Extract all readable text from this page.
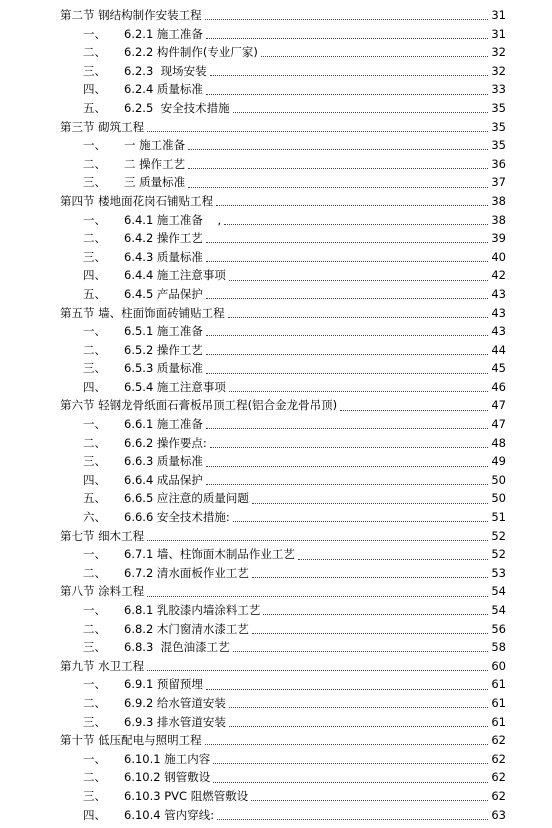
第二节 钢结构制作安装工程	31
一、 6.2.1 施工准备	31
二、 6.2.2 构件制作(专业厂家)	32
三、 6.2.3  现场安装	32
四、 6.2.4 质量标准	33
五、 6.2.5  安全技术措施	35
第三节 砌筑工程	35
一、 一 施工准备	35
二、 二 操作工艺	36
三、 三 质量标准	37
第四节 楼地面花岗石铺贴工程	38
一、 6.4.1 施工准备    ,	38
二、 6.4.2 操作工艺	39
三、 6.4.3 质量标准	40
四、 6.4.4 施工注意事项	42
五、 6.4.5 产品保护	43
第五节 墙、柱面饰面砖铺贴工程	43
一、 6.5.1 施工准备	43
二、 6.5.2 操作工艺	44
三、 6.5.3 质量标准	45
四、 6.5.4 施工注意事项	46
第六节 轻钢龙骨纸面石膏板吊顶工程(铝合金龙骨吊顶)	47
一、 6.6.1 施工准备	47
二、 6.6.2 操作要点:	48
三、 6.6.3 质量标准	49
四、 6.6.4 成品保护	50
五、 6.6.5 应注意的质量问题	50
六、 6.6.6 安全技术措施:	51
第七节 细木工程	52
一、 6.7.1 墙、柱饰面木制品作业工艺	52
二、 6.7.2 清水面板作业工艺	53
第八节 涂料工程	54
一、 6.8.1 乳胶漆内墙涂料工艺	54
二、 6.8.2 木门窗清水漆工艺	56
三、 6.8.3  混色油漆工艺	58
第九节 水卫工程	60
一、 6.9.1 预留预埋	61
二、 6.9.2 给水管道安装	61
三、 6.9.3 排水管道安装	61
第十节 低压配电与照明工程	62
一、 6.10.1 施工内容	62
二、 6.10.2 钢管敷设	62
三、 6.10.3 PVC 阻燃管敷设	62
四、 6.10.4 管内穿线:	63
